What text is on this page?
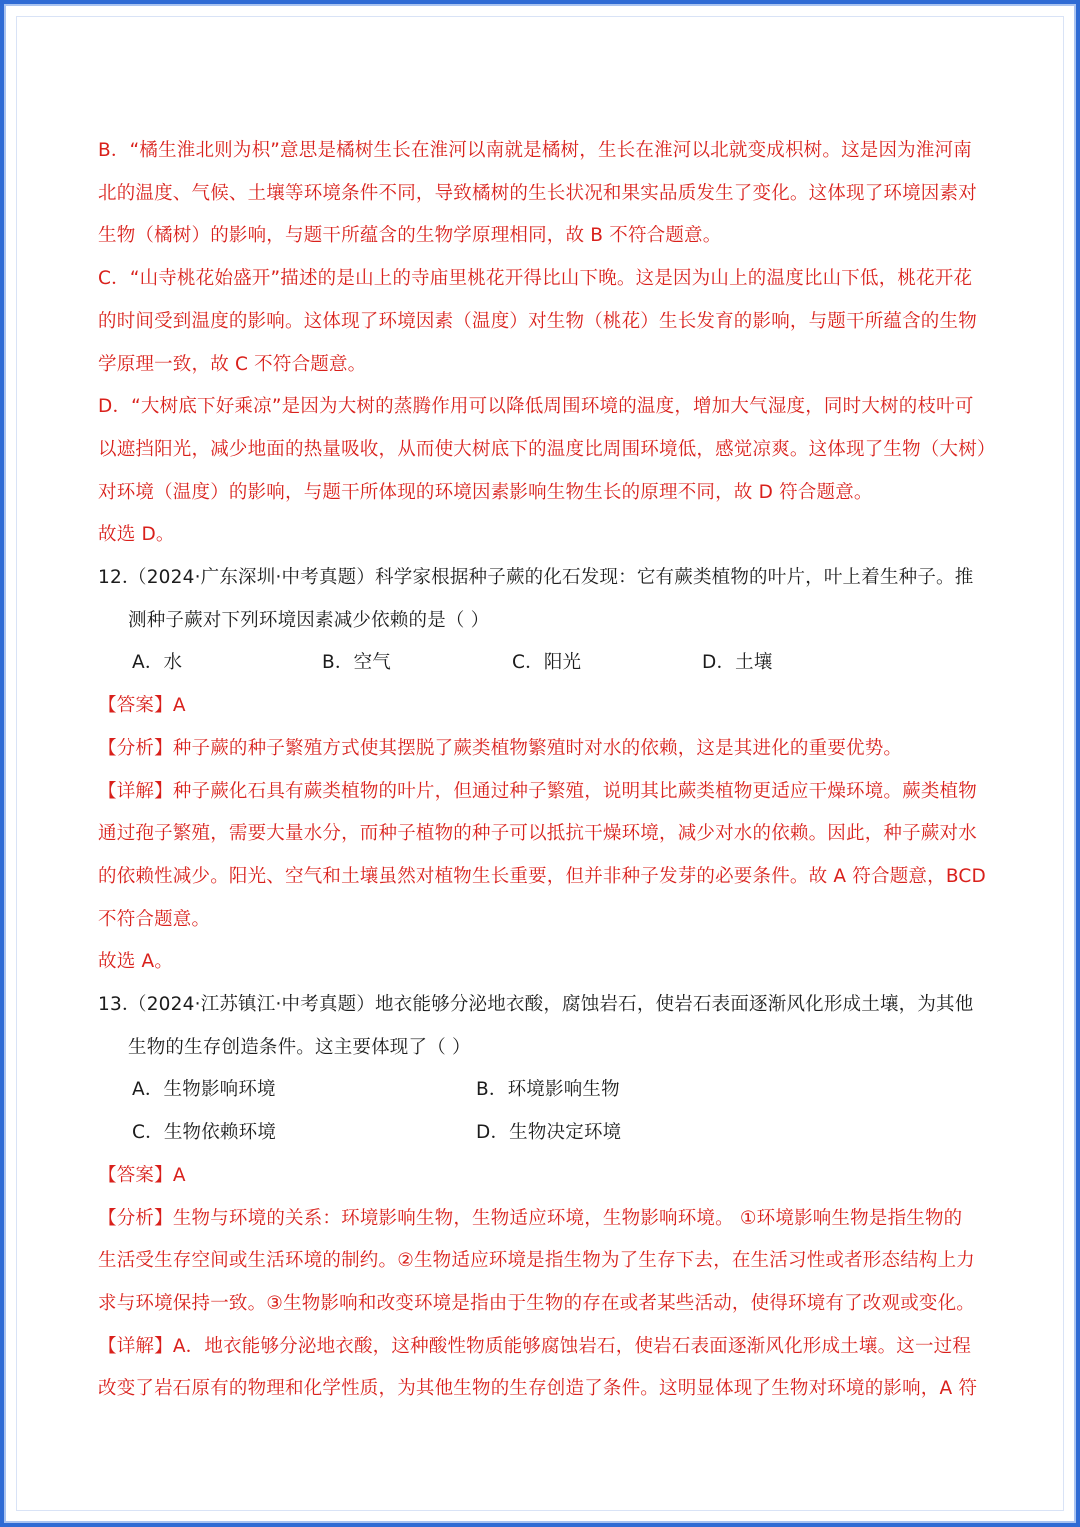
B．“橘生淮北则为枳”意思是橘树生长在淮河以南就是橘树，生长在淮河以北就变成枳树。这是因为淮河南

北的温度、气候、土壤等环境条件不同，导致橘树的生长状况和果实品质发生了变化。这体现了环境因素对

生物（橘树）的影响，与题干所蕴含的生物学原理相同，故 B 不符合题意。

C．“山寺桃花始盛开”描述的是山上的寺庙里桃花开得比山下晚。这是因为山上的温度比山下低，桃花开花

的时间受到温度的影响。这体现了环境因素（温度）对生物（桃花）生长发育的影响，与题干所蕴含的生物

学原理一致，故 C 不符合题意。

D．“大树底下好乘凉”是因为大树的蒸腾作用可以降低周围环境的温度，增加大气湿度，同时大树的枝叶可

以遮挡阳光，减少地面的热量吸收，从而使大树底下的温度比周围环境低，感觉凉爽。这体现了生物（大树）

对环境（温度）的影响，与题干所体现的环境因素影响生物生长的原理不同，故 D 符合题意。

故选 D。

12．（2024·广东深圳·中考真题）科学家根据种子蕨的化石发现：它有蕨类植物的叶片，叶上着生种子。推

测种子蕨对下列环境因素减少依赖的是（ ）

A．水	B．空气	C．阳光	D．土壤

【答案】A

【分析】种子蕨的种子繁殖方式使其摆脱了蕨类植物繁殖时对水的依赖，这是其进化的重要优势。

【详解】种子蕨化石具有蕨类植物的叶片，但通过种子繁殖，说明其比蕨类植物更适应干燥环境。蕨类植物

通过孢子繁殖，需要大量水分，而种子植物的种子可以抵抗干燥环境，减少对水的依赖。因此，种子蕨对水

的依赖性减少。阳光、空气和土壤虽然对植物生长重要，但并非种子发芽的必要条件。故 A 符合题意，BCD

不符合题意。

故选 A。

13．（2024·江苏镇江·中考真题）地衣能够分泌地衣酸，腐蚀岩石，使岩石表面逐渐风化形成土壤，为其他

生物的生存创造条件。这主要体现了（ ）

A．生物影响环境	B．环境影响生物
C．生物依赖环境	D．生物决定环境

【答案】A

【分析】生物与环境的关系：环境影响生物，生物适应环境，生物影响环境。 ①环境影响生物是指生物的

生活受生存空间或生活环境的制约。②生物适应环境是指生物为了生存下去，在生活习性或者形态结构上力

求与环境保持一致。③生物影响和改变环境是指由于生物的存在或者某些活动，使得环境有了改观或变化。

【详解】A．地衣能够分泌地衣酸，这种酸性物质能够腐蚀岩石，使岩石表面逐渐风化形成土壤。这一过程

改变了岩石原有的物理和化学性质，为其他生物的生存创造了条件。这明显体现了生物对环境的影响，A 符
